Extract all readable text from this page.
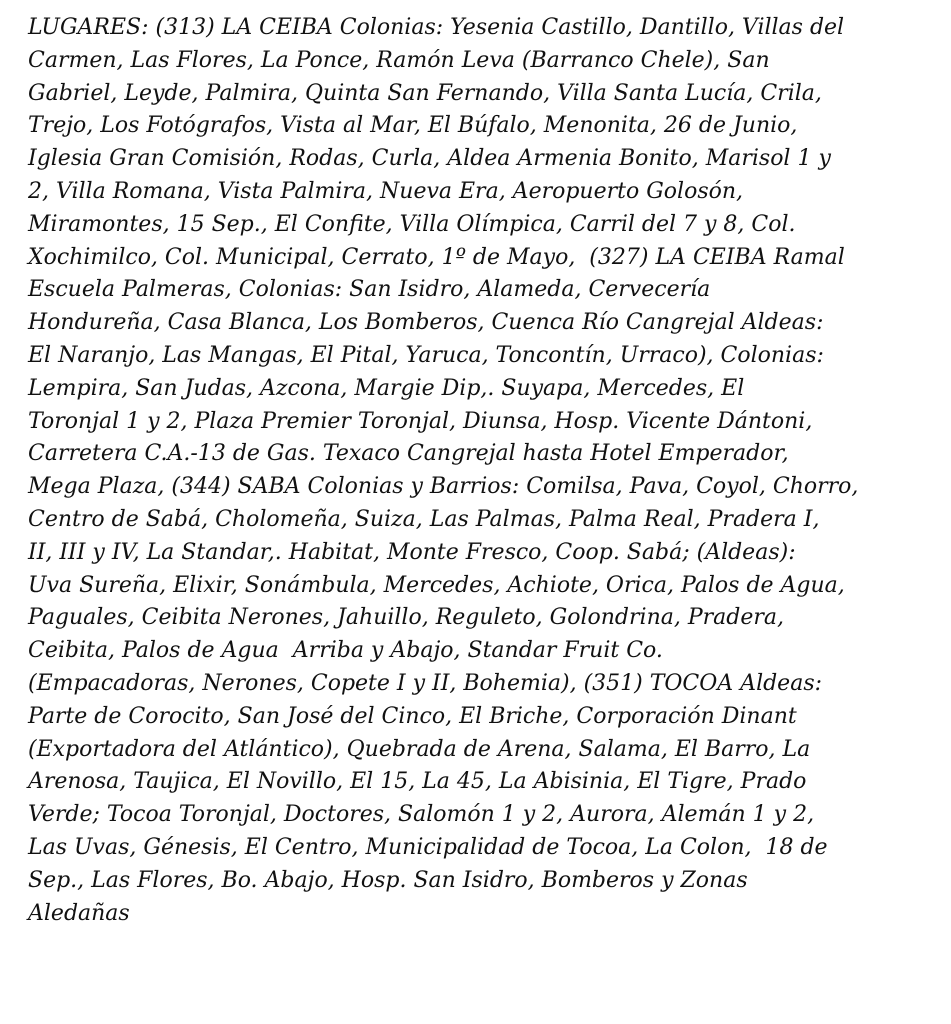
LUGARES: (313) LA CEIBA Colonias: Yesenia Castillo, Dantillo, Villas del
Carmen, Las Flores, La Ponce, Ramón Leva (Barranco Chele), San
Gabriel, Leyde, Palmira, Quinta San Fernando, Villa Santa Lucía, Crila,
Trejo, Los Fotógrafos, Vista al Mar, El Búfalo, Menonita, 26 de Junio,
Iglesia Gran Comisión, Rodas, Curla, Aldea Armenia Bonito, Marisol 1 y
2, Villa Romana, Vista Palmira, Nueva Era, Aeropuerto Golosón,
Miramontes, 15 Sep., El Confite, Villa Olímpica, Carril del 7 y 8, Col.
Xochimilco, Col. Municipal, Cerrato, 1º de Mayo,  (327) LA CEIBA Ramal
Escuela Palmeras, Colonias: San Isidro, Alameda, Cervecería
Hondureña, Casa Blanca, Los Bomberos, Cuenca Río Cangrejal Aldeas:
El Naranjo, Las Mangas, El Pital, Yaruca, Toncontín, Urraco), Colonias:
Lempira, San Judas, Azcona, Margie Dip,. Suyapa, Mercedes, El
Toronjal 1 y 2, Plaza Premier Toronjal, Diunsa, Hosp. Vicente Dántoni,
Carretera C.A.-13 de Gas. Texaco Cangrejal hasta Hotel Emperador,
Mega Plaza, (344) SABA Colonias y Barrios: Comilsa, Pava, Coyol, Chorro,
Centro de Sabá, Cholomeña, Suiza, Las Palmas, Palma Real, Pradera I,
II, III y IV, La Standar,. Habitat, Monte Fresco, Coop. Sabá; (Aldeas):
Uva Sureña, Elixir, Sonámbula, Mercedes, Achiote, Orica, Palos de Agua,
Paguales, Ceibita Nerones, Jahuillo, Reguleto, Golondrina, Pradera,
Ceibita, Palos de Agua  Arriba y Abajo, Standar Fruit Co.
(Empacadoras, Nerones, Copete I y II, Bohemia), (351) TOCOA Aldeas:
Parte de Corocito, San José del Cinco, El Briche, Corporación Dinant
(Exportadora del Atlántico), Quebrada de Arena, Salama, El Barro, La
Arenosa, Taujica, El Novillo, El 15, La 45, La Abisinia, El Tigre, Prado
Verde; Tocoa Toronjal, Doctores, Salomón 1 y 2, Aurora, Alemán 1 y 2,
Las Uvas, Génesis, El Centro, Municipalidad de Tocoa, La Colon,  18 de
Sep., Las Flores, Bo. Abajo, Hosp. San Isidro, Bomberos y Zonas
Aledañas
